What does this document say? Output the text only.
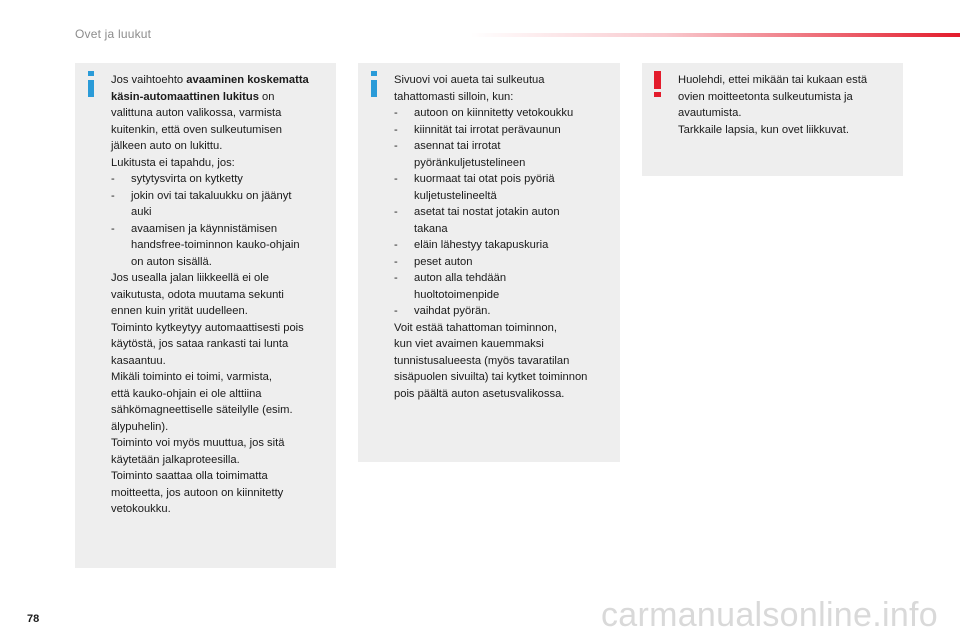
Ovet ja luukut

Jos vaihtoehto avaaminen koskematta

käsin-automaattinen lukitus on

valittuna auton valikossa, varmista

kuitenkin, että oven sulkeutumisen

jälkeen auto on lukittu.

Lukitusta ei tapahdu, jos:

- sytytysvirta on kytketty

- jokin ovi tai takaluukku on jäänyt

auki

- avaamisen ja käynnistämisen

handsfree-toiminnon kauko-ohjain

on auton sisällä.

Jos usealla jalan liikkeellä ei ole

vaikutusta, odota muutama sekunti

ennen kuin yrität uudelleen.

Toiminto kytkeytyy automaattisesti pois

käytöstä, jos sataa rankasti tai lunta

kasaantuu.

Mikäli toiminto ei toimi, varmista,

että kauko-ohjain ei ole alttiina

sähkömagneettiselle säteilylle (esim.

älypuhelin).

Toiminto voi myös muuttua, jos sitä

käytetään jalkaproteesilla.

Toiminto saattaa olla toimimatta

moitteetta, jos autoon on kiinnitetty

vetokoukku.

Sivuovi voi aueta tai sulkeutua

tahattomasti silloin, kun:

- autoon on kiinnitetty vetokoukku

- kiinnität tai irrotat perävaunun

- asennat tai irrotat

pyöränkuljetustelineen

- kuormaat tai otat pois pyöriä

kuljetustelineeltä

- asetat tai nostat jotakin auton

takana

- eläin lähestyy takapuskuria

- peset auton

- auton alla tehdään

huoltotoimenpide

- vaihdat pyörän.

Voit estää tahattoman toiminnon,

kun viet avaimen kauemmaksi

tunnistusalueesta (myös tavaratilan

sisäpuolen sivuilta) tai kytket toiminnon

pois päältä auton asetusvalikossa.

Huolehdi, ettei mikään tai kukaan estä

ovien moitteetonta sulkeutumista ja

avautumista.

Tarkkaile lapsia, kun ovet liikkuvat.

78	carmanualsonline.info
